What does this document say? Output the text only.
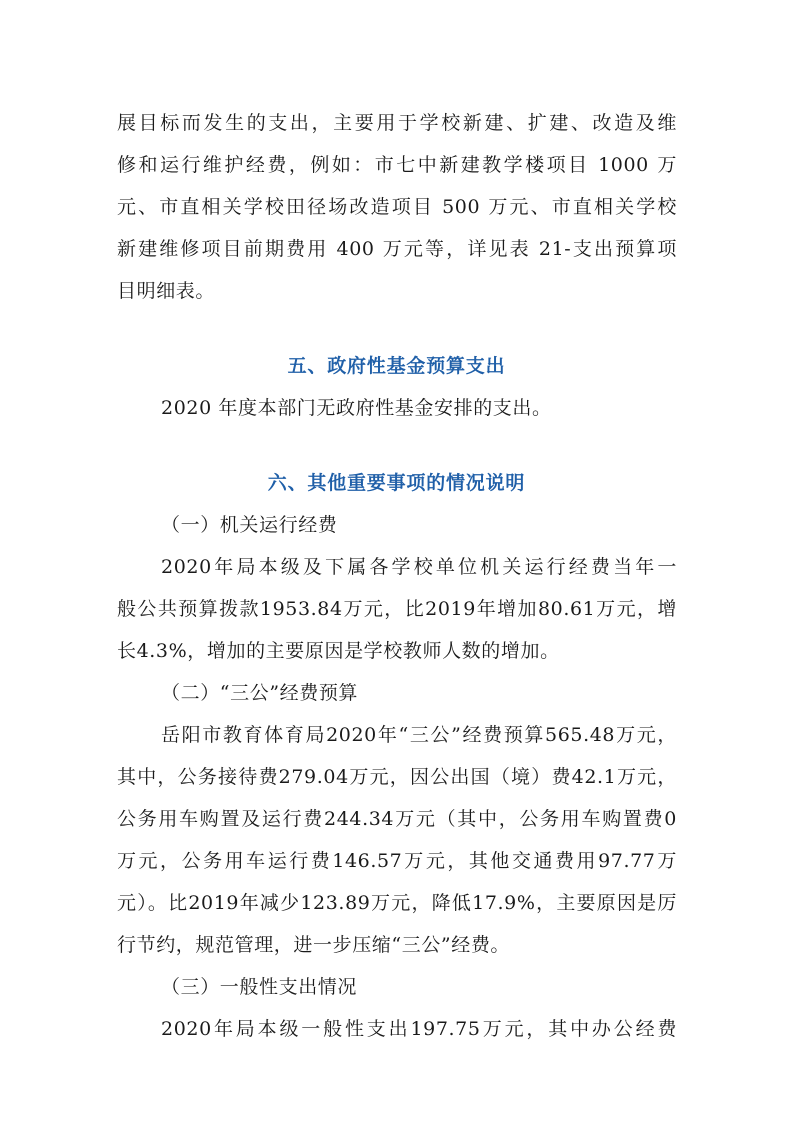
展目标而发生的支出，主要用于学校新建、扩建、改造及维
修和运行维护经费，例如：市七中新建教学楼项目 1000 万
元、市直相关学校田径场改造项目 500 万元、市直相关学校
新建维修项目前期费用 400 万元等，详见表 21-支出预算项
目明细表。
五、政府性基金预算支出
2020 年度本部门无政府性基金安排的支出。
六、其他重要事项的情况说明
（一）机关运行经费
2020年局本级及下属各学校单位机关运行经费当年一
般公共预算拨款1953.84万元，比2019年增加80.61万元，增
长4.3%，增加的主要原因是学校教师人数的增加。
（二）“三公”经费预算
岳阳市教育体育局2020年“三公”经费预算565.48万元，
其中，公务接待费279.04万元，因公出国（境）费42.1万元，
公务用车购置及运行费244.34万元（其中，公务用车购置费0
万元，公务用车运行费146.57万元，其他交通费用97.77万
元）。比2019年减少123.89万元，降低17.9%，主要原因是厉
行节约，规范管理，进一步压缩“三公”经费。
（三）一般性支出情况
2020年局本级一般性支出197.75万元，其中办公经费
